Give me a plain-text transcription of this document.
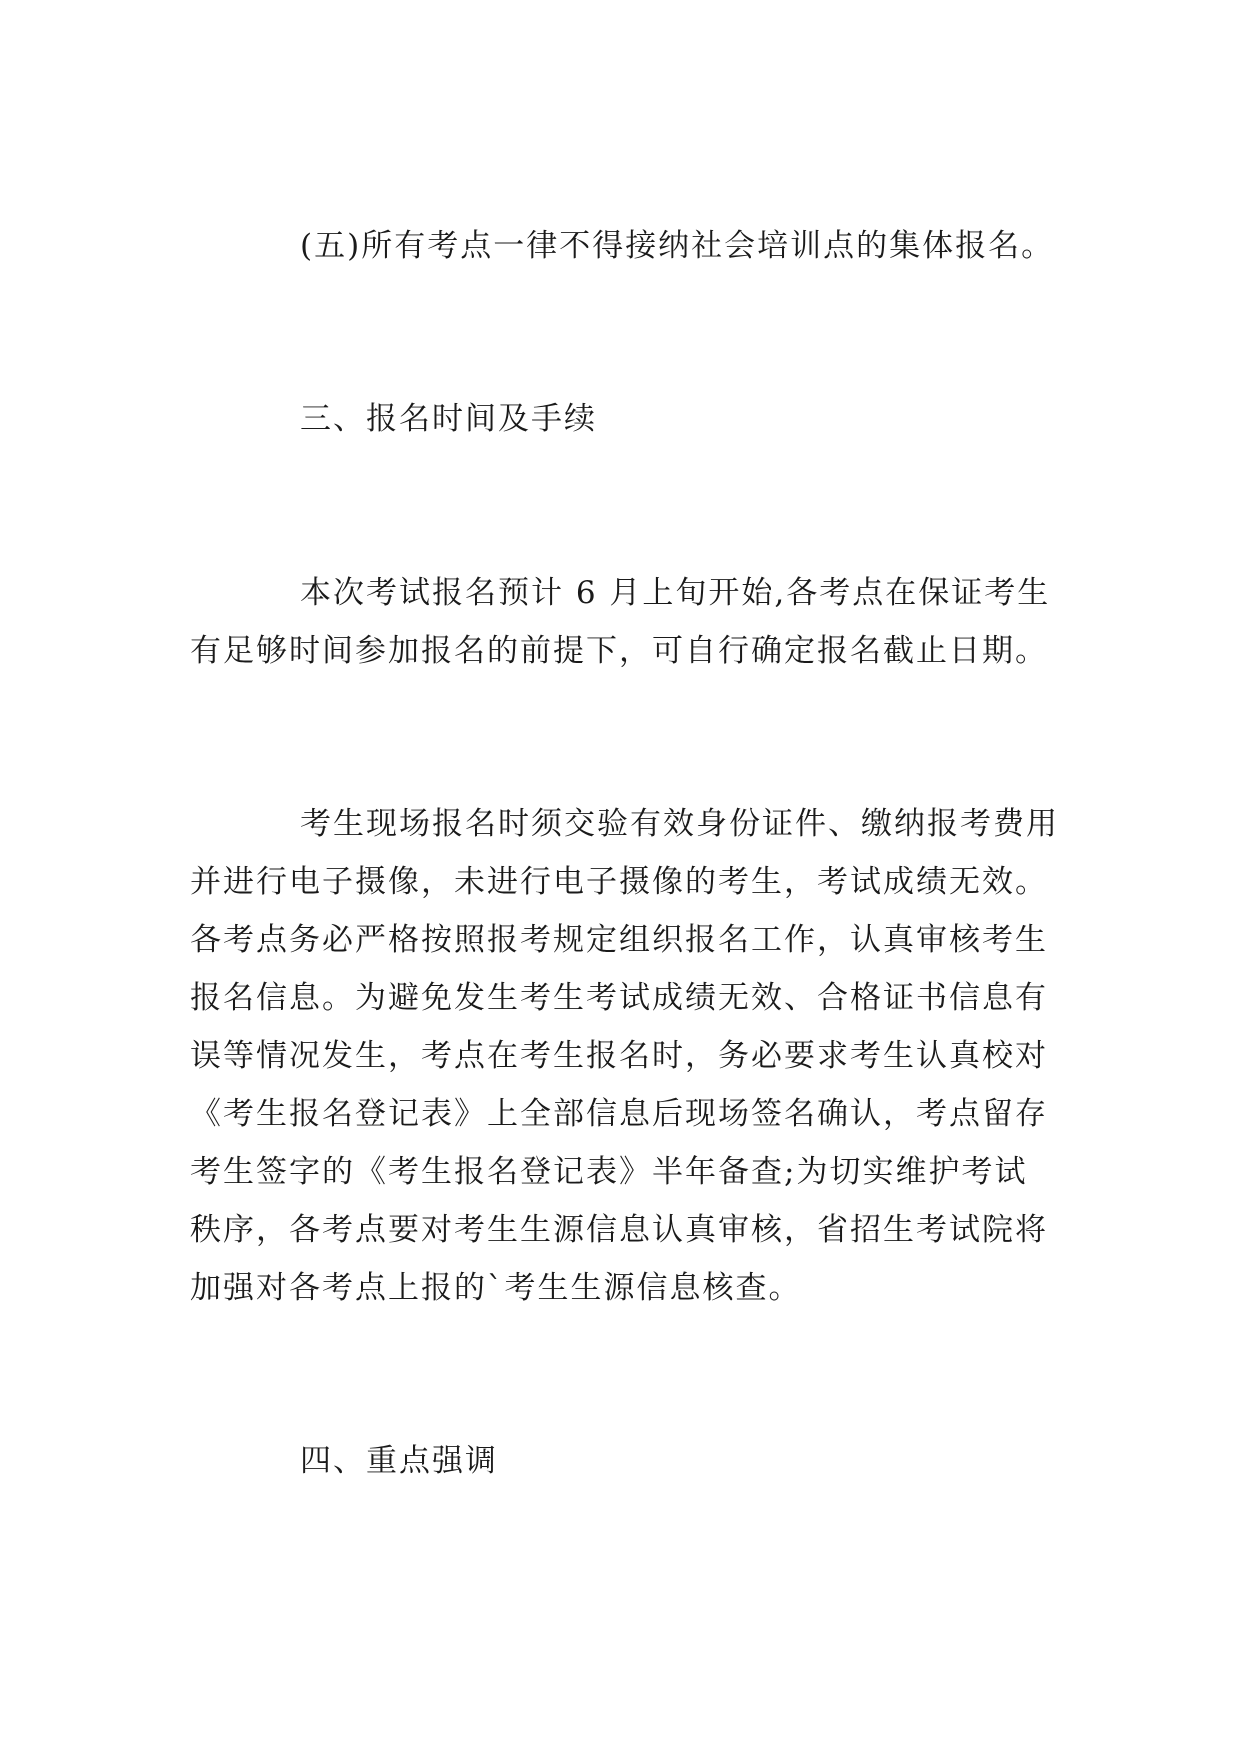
(五)所有考点一律不得接纳社会培训点的集体报名。
三、报名时间及手续
本次考试报名预计 6 月上旬开始,各考点在保证考生
有足够时间参加报名的前提下，可自行确定报名截止日期。
考生现场报名时须交验有效身份证件、缴纳报考费用
并进行电子摄像，未进行电子摄像的考生，考试成绩无效。
各考点务必严格按照报考规定组织报名工作，认真审核考生
报名信息。为避免发生考生考试成绩无效、合格证书信息有
误等情况发生，考点在考生报名时，务必要求考生认真校对
《考生报名登记表》上全部信息后现场签名确认，考点留存
考生签字的《考生报名登记表》半年备查;为切实维护考试
秩序，各考点要对考生生源信息认真审核，省招生考试院将
加强对各考点上报的`考生生源信息核查。
四、重点强调
